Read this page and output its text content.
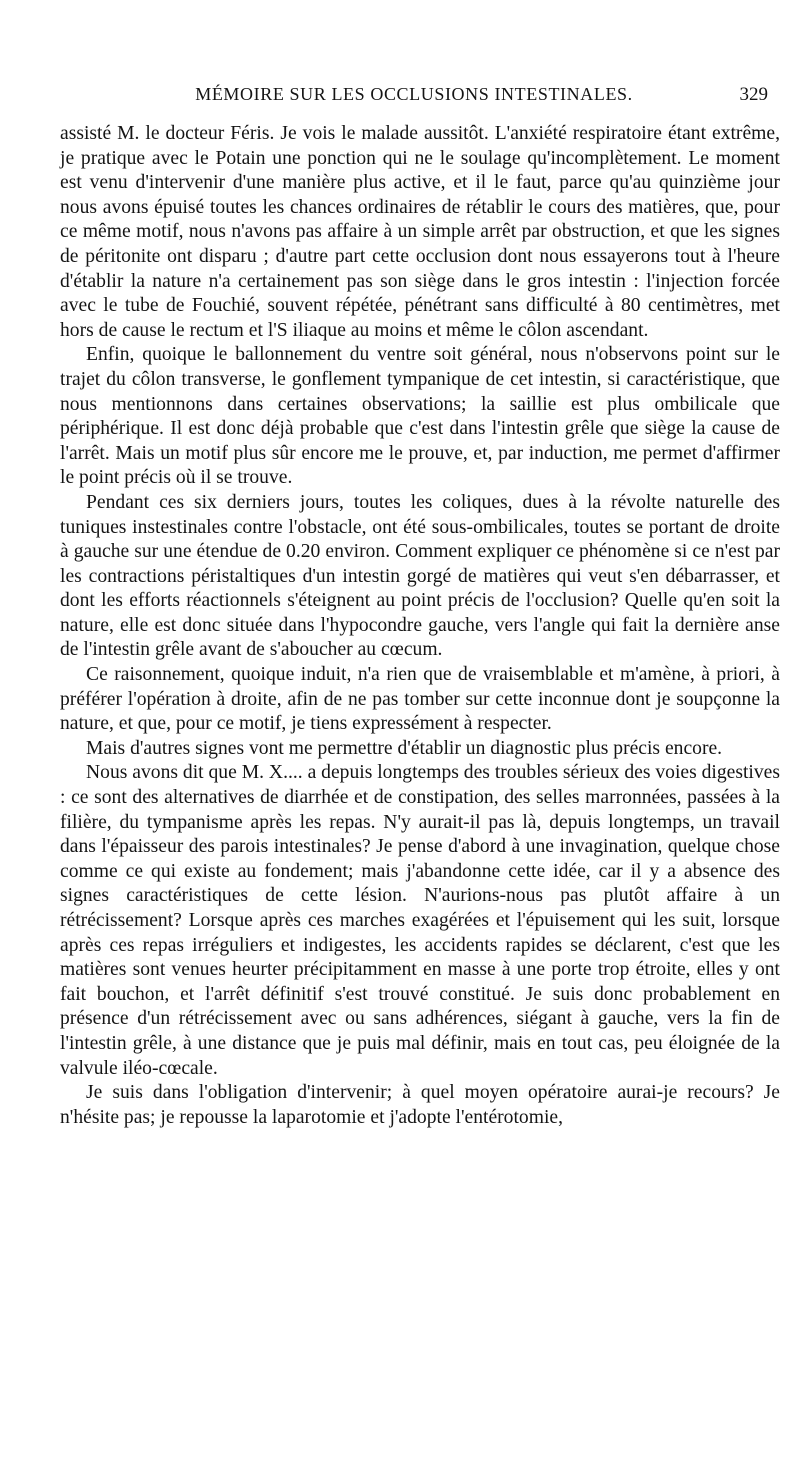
MÉMOIRE SUR LES OCCLUSIONS INTESTINALES.	329

assisté M. le docteur Féris. Je vois le malade aussitôt. L'anxiété respiratoire étant extrême, je pratique avec le Potain une ponction qui ne le soulage qu'incomplètement. Le moment est venu d'intervenir d'une manière plus active, et il le faut, parce qu'au quinzième jour nous avons épuisé toutes les chances ordinaires de rétablir le cours des matières, que, pour ce même motif, nous n'avons pas affaire à un simple arrêt par obstruction, et que les signes de péritonite ont disparu ; d'autre part cette occlusion dont nous essayerons tout à l'heure d'établir la nature n'a certainement pas son siège dans le gros intestin : l'injection forcée avec le tube de Fouchié, souvent répétée, pénétrant sans difficulté à 80 centimètres, met hors de cause le rectum et l'S iliaque au moins et même le côlon ascendant.

Enfin, quoique le ballonnement du ventre soit général, nous n'observons point sur le trajet du côlon transverse, le gonflement tympanique de cet intestin, si caractéristique, que nous mentionnons dans certaines observations; la saillie est plus ombilicale que périphérique. Il est donc déjà probable que c'est dans l'intestin grêle que siège la cause de l'arrêt. Mais un motif plus sûr encore me le prouve, et, par induction, me permet d'affirmer le point précis où il se trouve.

Pendant ces six derniers jours, toutes les coliques, dues à la révolte naturelle des tuniques instestinales contre l'obstacle, ont été sous-ombilicales, toutes se portant de droite à gauche sur une étendue de 0.20 environ. Comment expliquer ce phénomène si ce n'est par les contractions péristaltiques d'un intestin gorgé de matières qui veut s'en débarrasser, et dont les efforts réactionnels s'éteignent au point précis de l'occlusion? Quelle qu'en soit la nature, elle est donc située dans l'hypocondre gauche, vers l'angle qui fait la dernière anse de l'intestin grêle avant de s'aboucher au cœcum.

Ce raisonnement, quoique induit, n'a rien que de vraisemblable et m'amène, à priori, à préférer l'opération à droite, afin de ne pas tomber sur cette inconnue dont je soupçonne la nature, et que, pour ce motif, je tiens expressément à respecter.

Mais d'autres signes vont me permettre d'établir un diagnostic plus précis encore.

Nous avons dit que M. X.... a depuis longtemps des troubles sérieux des voies digestives : ce sont des alternatives de diarrhée et de constipation, des selles marronnées, passées à la filière, du tympanisme après les repas. N'y aurait-il pas là, depuis longtemps, un travail dans l'épaisseur des parois intestinales? Je pense d'abord à une invagination, quelque chose comme ce qui existe au fondement; mais j'abandonne cette idée, car il y a absence des signes caractéristiques de cette lésion. N'aurions-nous pas plutôt affaire à un rétrécissement? Lorsque après ces marches exagérées et l'épuisement qui les suit, lorsque après ces repas irréguliers et indigestes, les accidents rapides se déclarent, c'est que les matières sont venues heurter précipitamment en masse à une porte trop étroite, elles y ont fait bouchon, et l'arrêt définitif s'est trouvé constitué. Je suis donc probablement en présence d'un rétrécissement avec ou sans adhérences, siégant à gauche, vers la fin de l'intestin grêle, à une distance que je puis mal définir, mais en tout cas, peu éloignée de la valvule iléo-cœcale.

Je suis dans l'obligation d'intervenir; à quel moyen opératoire aurai-je recours? Je n'hésite pas; je repousse la laparotomie et j'adopte l'entérotomie,
